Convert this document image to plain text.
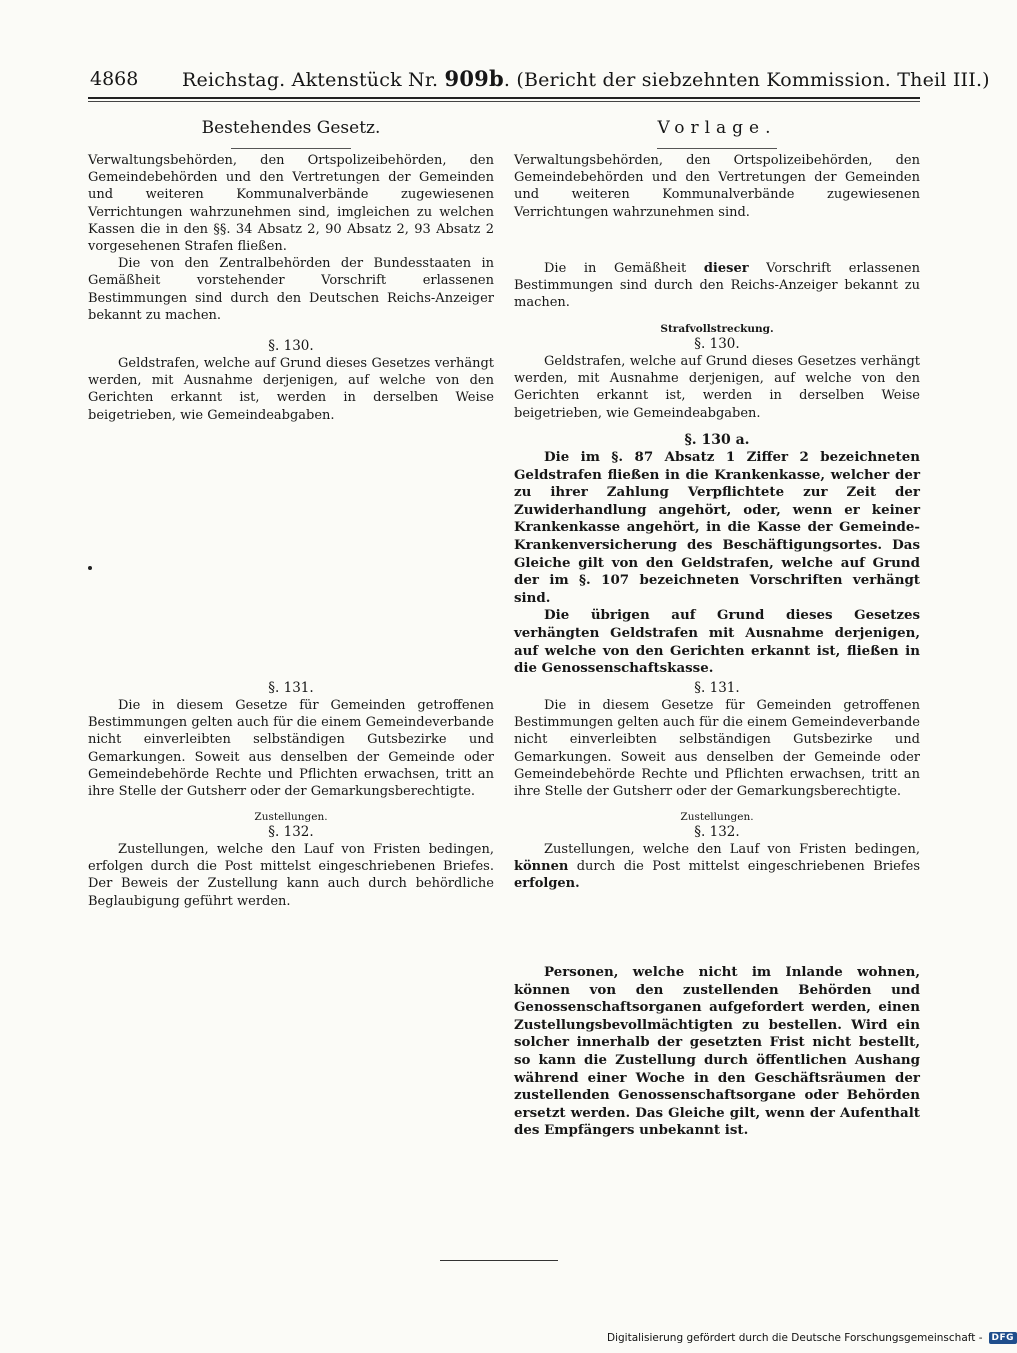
4868 Reichstag. Aktenstück Nr. 909b. (Bericht der siebzehnten Kommission. Theil III.)
Bestehendes Gesetz.

Verwaltungsbehörden, den Ortspolizeibehörden, den Gemeindebehörden und den Vertretungen der Gemeinden und weiteren Kommunalverbände zugewiesenen Verrichtungen wahrzunehmen sind, imgleichen zu welchen Kassen die in den §§. 34 Absatz 2, 90 Absatz 2, 93 Absatz 2 vorgesehenen Strafen fließen.

Die von den Zentralbehörden der Bundesstaaten in Gemäßheit vorstehender Vorschrift erlassenen Bestimmungen sind durch den Deutschen Reichs-Anzeiger bekannt zu machen.

§. 130.

Geldstrafen, welche auf Grund dieses Gesetzes verhängt werden, mit Ausnahme derjenigen, auf welche von den Gerichten erkannt ist, werden in derselben Weise beigetrieben, wie Gemeindeabgaben.

§. 131.

Die in diesem Gesetze für Gemeinden getroffenen Bestimmungen gelten auch für die einem Gemeindeverbande nicht einverleibten selbständigen Gutsbezirke und Gemarkungen. Soweit aus denselben der Gemeinde oder Gemeindebehörde Rechte und Pflichten erwachsen, tritt an ihre Stelle der Gutsherr oder der Gemarkungsberechtigte.

Zustellungen.

§. 132.

Zustellungen, welche den Lauf von Fristen bedingen, erfolgen durch die Post mittelst eingeschriebenen Briefes. Der Beweis der Zustellung kann auch durch behördliche Beglaubigung geführt werden.

Vorlage.

Verwaltungsbehörden, den Ortspolizeibehörden, den Gemeindebehörden und den Vertretungen der Gemeinden und weiteren Kommunalverbände zugewiesenen Verrichtungen wahrzunehmen sind.

Die in Gemäßheit dieser Vorschrift erlassenen Bestimmungen sind durch den Reichs-Anzeiger bekannt zu machen.

Strafvollstreckung.

§. 130.

Geldstrafen, welche auf Grund dieses Gesetzes verhängt werden, mit Ausnahme derjenigen, auf welche von den Gerichten erkannt ist, werden in derselben Weise beigetrieben, wie Gemeindeabgaben.

§. 130 a.

Die im §. 87 Absatz 1 Ziffer 2 bezeichneten Geldstrafen fließen in die Krankenkasse, welcher der zu ihrer Zahlung Verpflichtete zur Zeit der Zuwiderhandlung angehört, oder, wenn er keiner Krankenkasse angehört, in die Kasse der Gemeinde-Krankenversicherung des Beschäftigungsortes. Das Gleiche gilt von den Geldstrafen, welche auf Grund der im §. 107 bezeichneten Vorschriften verhängt sind.

Die übrigen auf Grund dieses Gesetzes verhängten Geldstrafen mit Ausnahme derjenigen, auf welche von den Gerichten erkannt ist, fließen in die Genossenschaftskasse.

§. 131.

Die in diesem Gesetze für Gemeinden getroffenen Bestimmungen gelten auch für die einem Gemeindeverbande nicht einverleibten selbständigen Gutsbezirke und Gemarkungen. Soweit aus denselben der Gemeinde oder Gemeindebehörde Rechte und Pflichten erwachsen, tritt an ihre Stelle der Gutsherr oder der Gemarkungsberechtigte.

Zustellungen.

§. 132.

Zustellungen, welche den Lauf von Fristen bedingen, können durch die Post mittelst eingeschriebenen Briefes erfolgen.

Personen, welche nicht im Inlande wohnen, können von den zustellenden Behörden und Genossenschaftsorganen aufgefordert werden, einen Zustellungsbevollmächtigten zu bestellen. Wird ein solcher innerhalb der gesetzten Frist nicht bestellt, so kann die Zustellung durch öffentlichen Aushang während einer Woche in den Geschäftsräumen der zustellenden Genossenschaftsorgane oder Behörden ersetzt werden. Das Gleiche gilt, wenn der Aufenthalt des Empfängers unbekannt ist.

Digitalisierung gefördert durch die Deutsche Forschungsgemeinschaft -	DFG
